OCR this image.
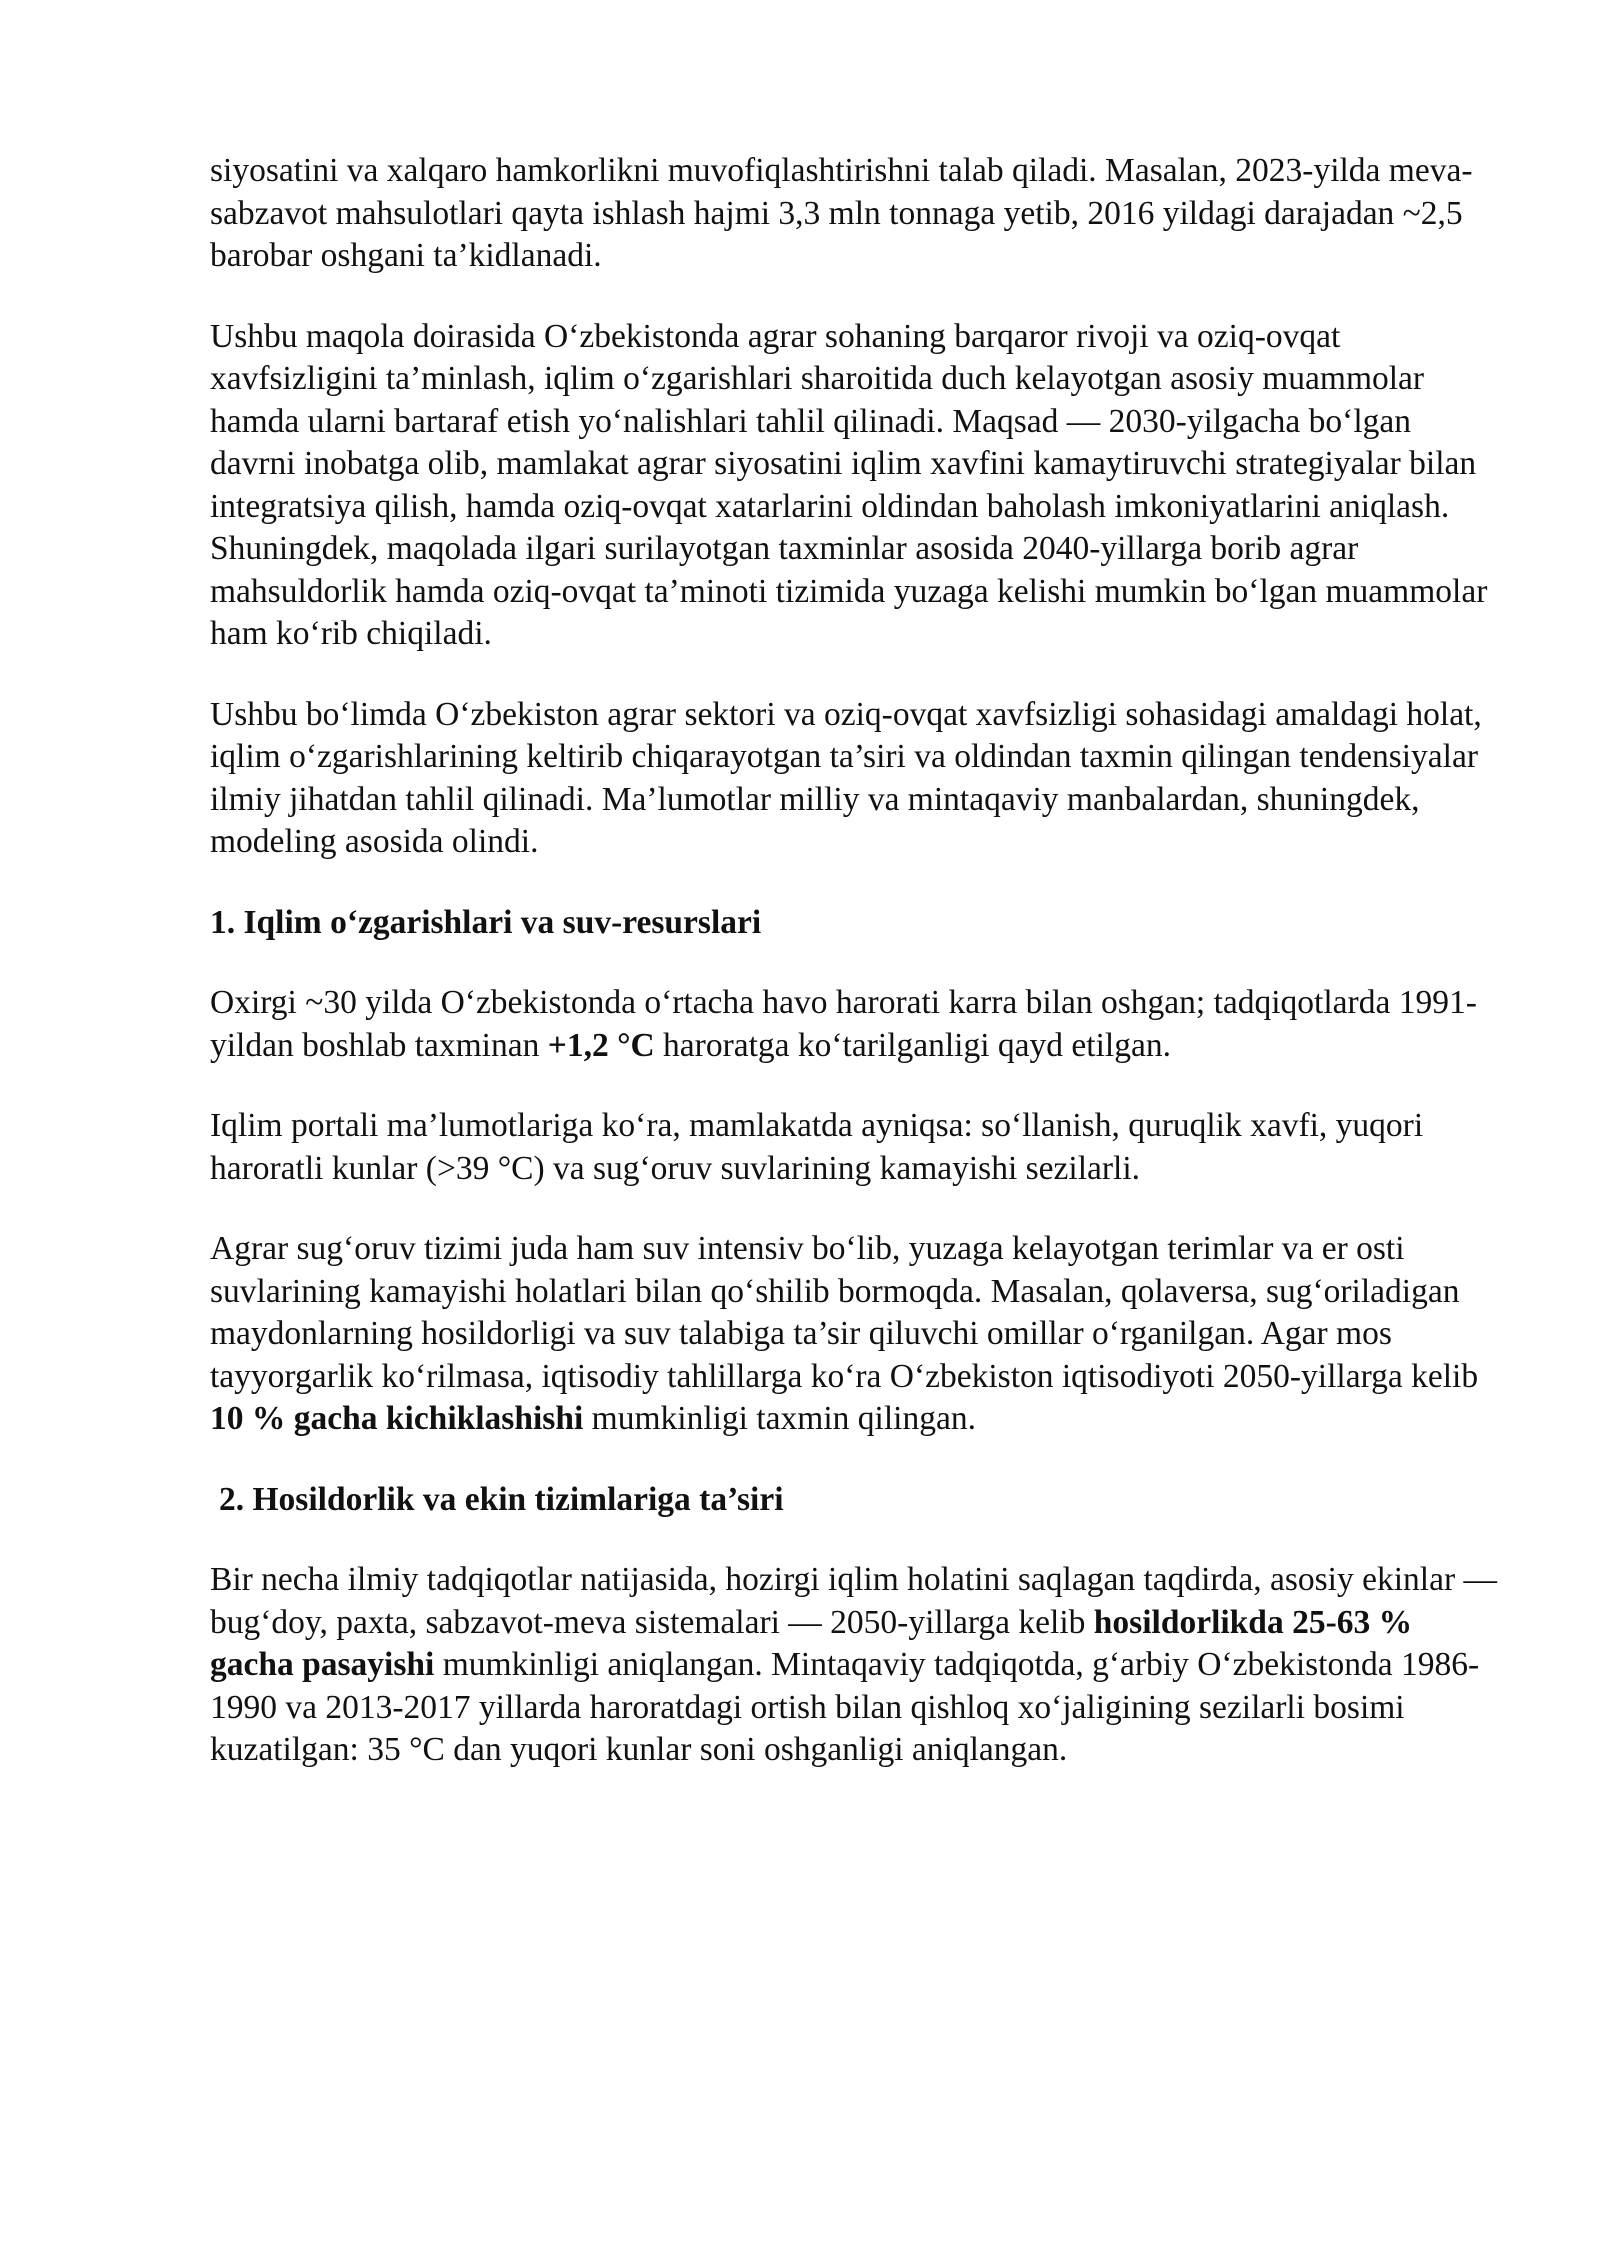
siyosatini va xalqaro hamkorlikni muvofiqlashtirishni talab qiladi. Masalan, 2023-yilda meva-sabzavot mahsulotlari qayta ishlash hajmi 3,3 mln tonnaga yetib, 2016 yildagi darajadan ~2,5 barobar oshgani ta’kidlanadi.

Ushbu maqola doirasida O‘zbekistonda agrar sohaning barqaror rivoji va oziq-ovqat xavfsizligini ta’minlash, iqlim o‘zgarishlari sharoitida duch kelayotgan asosiy muammolar hamda ularni bartaraf etish yo‘nalishlari tahlil qilinadi. Maqsad — 2030-yilgacha bo‘lgan davrni inobatga olib, mamlakat agrar siyosatini iqlim xavfini kamaytiruvchi strategiyalar bilan integratsiya qilish, hamda oziq-ovqat xatarlarini oldindan baholash imkoniyatlarini aniqlash. Shuningdek, maqolada ilgari surilayotgan taxminlar asosida 2040-yillarga borib agrar mahsuldorlik hamda oziq-ovqat ta’minoti tizimida yuzaga kelishi mumkin bo‘lgan muammolar ham ko‘rib chiqiladi.

Ushbu bo‘limda O‘zbekiston agrar sektori va oziq-ovqat xavfsizligi sohasidagi amaldagi holat, iqlim o‘zgarishlarining keltirib chiqarayotgan ta’siri va oldindan taxmin qilingan tendensiyalar ilmiy jihatdan tahlil qilinadi. Ma’lumotlar milliy va mintaqaviy manbalardan, shuningdek, modeling asosida olindi.

1. Iqlim o‘zgarishlari va suv-resurslari

Oxirgi ~30 yilda O‘zbekistonda o‘rtacha havo harorati karra bilan oshgan; tadqiqotlarda 1991-yildan boshlab taxminan +1,2 °C haroratga ko‘tarilganligi qayd etilgan.

Iqlim portali ma’lumotlariga ko‘ra, mamlakatda ayniqsa: so‘llanish, quruqlik xavfi, yuqori haroratli kunlar (>39 °C) va sug‘oruv suvlarining kamayishi sezilarli.

Agrar sug‘oruv tizimi juda ham suv intensiv bo‘lib, yuzaga kelayotgan terimlar va er osti suvlarining kamayishi holatlari bilan qo‘shilib bormoqda. Masalan, qolaversa, sug‘oriladigan maydonlarning hosildorligi va suv talabiga ta’sir qiluvchi omillar o‘rganilgan. Agar mos tayyorgarlik ko‘rilmasa, iqtisodiy tahlillarga ko‘ra O‘zbekiston iqtisodiyoti 2050-yillarga kelib 10 % gacha kichiklashishi mumkinligi taxmin qilingan.

2. Hosildorlik va ekin tizimlariga ta’siri

Bir necha ilmiy tadqiqotlar natijasida, hozirgi iqlim holatini saqlagan taqdirda, asosiy ekinlar — bug‘doy, paxta, sabzavot-meva sistemalari — 2050-yillarga kelib hosildorlikda 25-63 % gacha pasayishi mumkinligi aniqlangan. Mintaqaviy tadqiqotda, g‘arbiy O‘zbekistonda 1986-1990 va 2013-2017 yillarda haroratdagi ortish bilan qishloq xo‘jaligining sezilarli bosimi kuzatilgan: 35 °C dan yuqori kunlar soni oshganligi aniqlangan.
